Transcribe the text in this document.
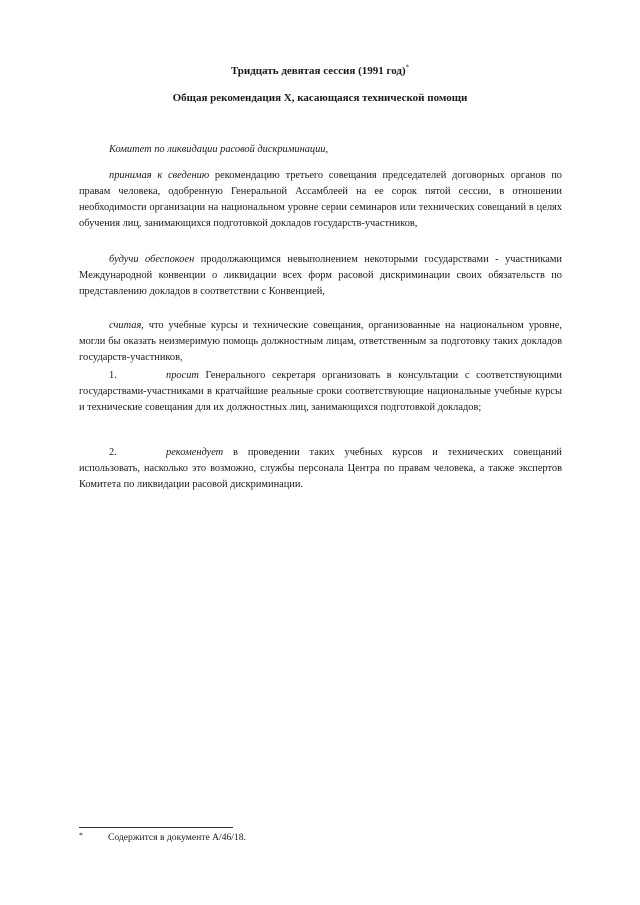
Тридцать девятая сессия (1991 год)*
Общая рекомендация X, касающаяся технической помощи

Комитет по ликвидации расовой дискриминации,

принимая к сведению рекомендацию третьего совещания председателей договорных органов по правам человека, одобренную Генеральной Ассамблеей на ее сорок пятой сессии, в отношении необходимости организации на национальном уровне серии семинаров или технических совещаний в целях обучения лиц, занимающихся подготовкой докладов государств-участников,

будучи обеспокоен продолжающимся невыполнением некоторыми государствами - участниками Международной конвенции о ликвидации всех форм расовой дискриминации своих обязательств по представлению докладов в соответствии с Конвенцией,

считая, что учебные курсы и технические совещания, организованные на национальном уровне, могли бы оказать неизмеримую помощь должностным лицам, ответственным за подготовку таких докладов государств-участников,

1.	просит Генерального секретаря организовать в консультации с соответствующими государствами-участниками в кратчайшие реальные сроки соответствующие национальные учебные курсы и технические совещания для их должностных лиц, занимающихся подготовкой докладов;

2.	рекомендует в проведении таких учебных курсов и технических совещаний использовать, насколько это возможно, службы персонала Центра по правам человека, а также экспертов Комитета по ликвидации расовой дискриминации.

*	Содержится в документе A/46/18.
